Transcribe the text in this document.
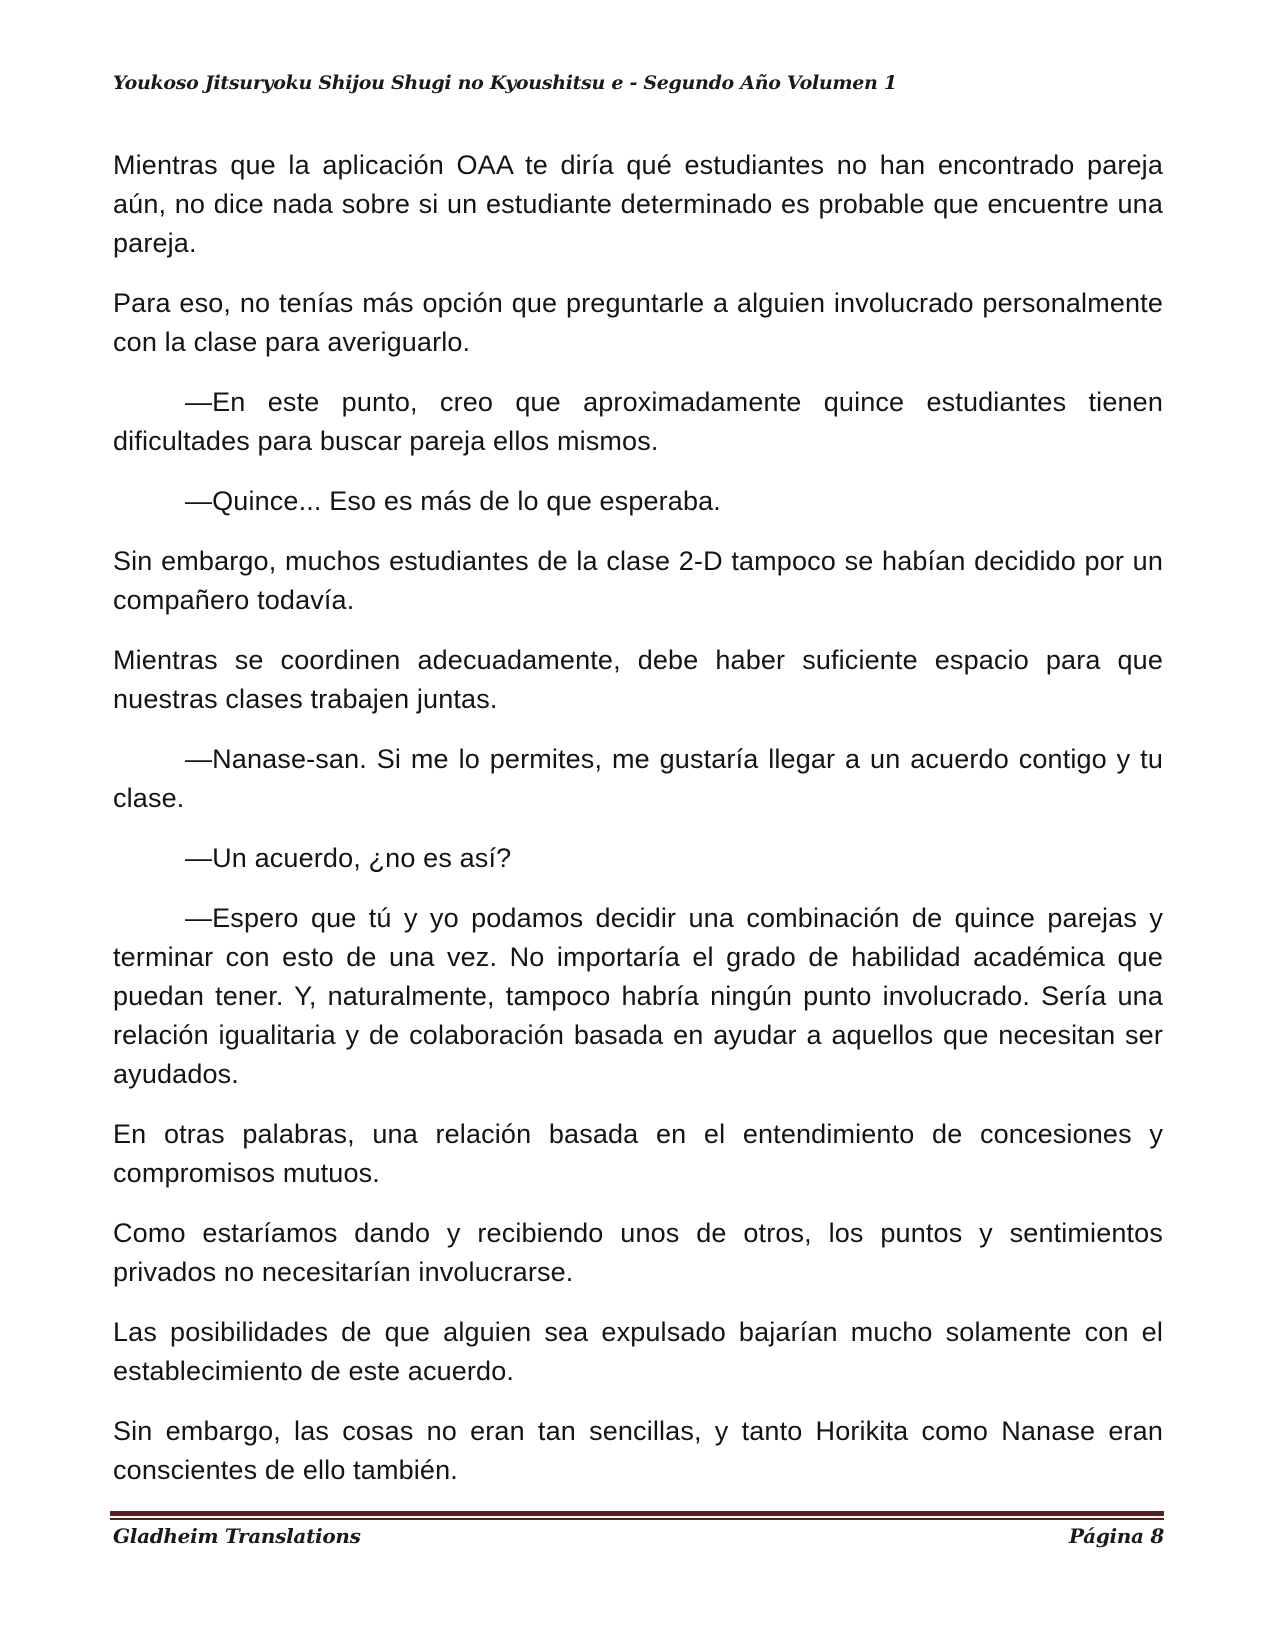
Youkoso Jitsuryoku Shijou Shugi no Kyoushitsu e - Segundo Año Volumen 1

Mientras que la aplicación OAA te diría qué estudiantes no han encontrado pareja aún, no dice nada sobre si un estudiante determinado es probable que encuentre una pareja.

Para eso, no tenías más opción que preguntarle a alguien involucrado personalmente con la clase para averiguarlo.

—En este punto, creo que aproximadamente quince estudiantes tienen dificultades para buscar pareja ellos mismos.

—Quince... Eso es más de lo que esperaba.

Sin embargo, muchos estudiantes de la clase 2-D tampoco se habían decidido por un compañero todavía.

Mientras se coordinen adecuadamente, debe haber suficiente espacio para que nuestras clases trabajen juntas.

—Nanase-san. Si me lo permites, me gustaría llegar a un acuerdo contigo y tu clase.

—Un acuerdo, ¿no es así?

—Espero que tú y yo podamos decidir una combinación de quince parejas y terminar con esto de una vez. No importaría el grado de habilidad académica que puedan tener. Y, naturalmente, tampoco habría ningún punto involucrado. Sería una relación igualitaria y de colaboración basada en ayudar a aquellos que necesitan ser ayudados.

En otras palabras, una relación basada en el entendimiento de concesiones y compromisos mutuos.

Como estaríamos dando y recibiendo unos de otros, los puntos y sentimientos privados no necesitarían involucrarse.

Las posibilidades de que alguien sea expulsado bajarían mucho solamente con el establecimiento de este acuerdo.

Sin embargo, las cosas no eran tan sencillas, y tanto Horikita como Nanase eran conscientes de ello también.

Gladheim Translations	Página 8
